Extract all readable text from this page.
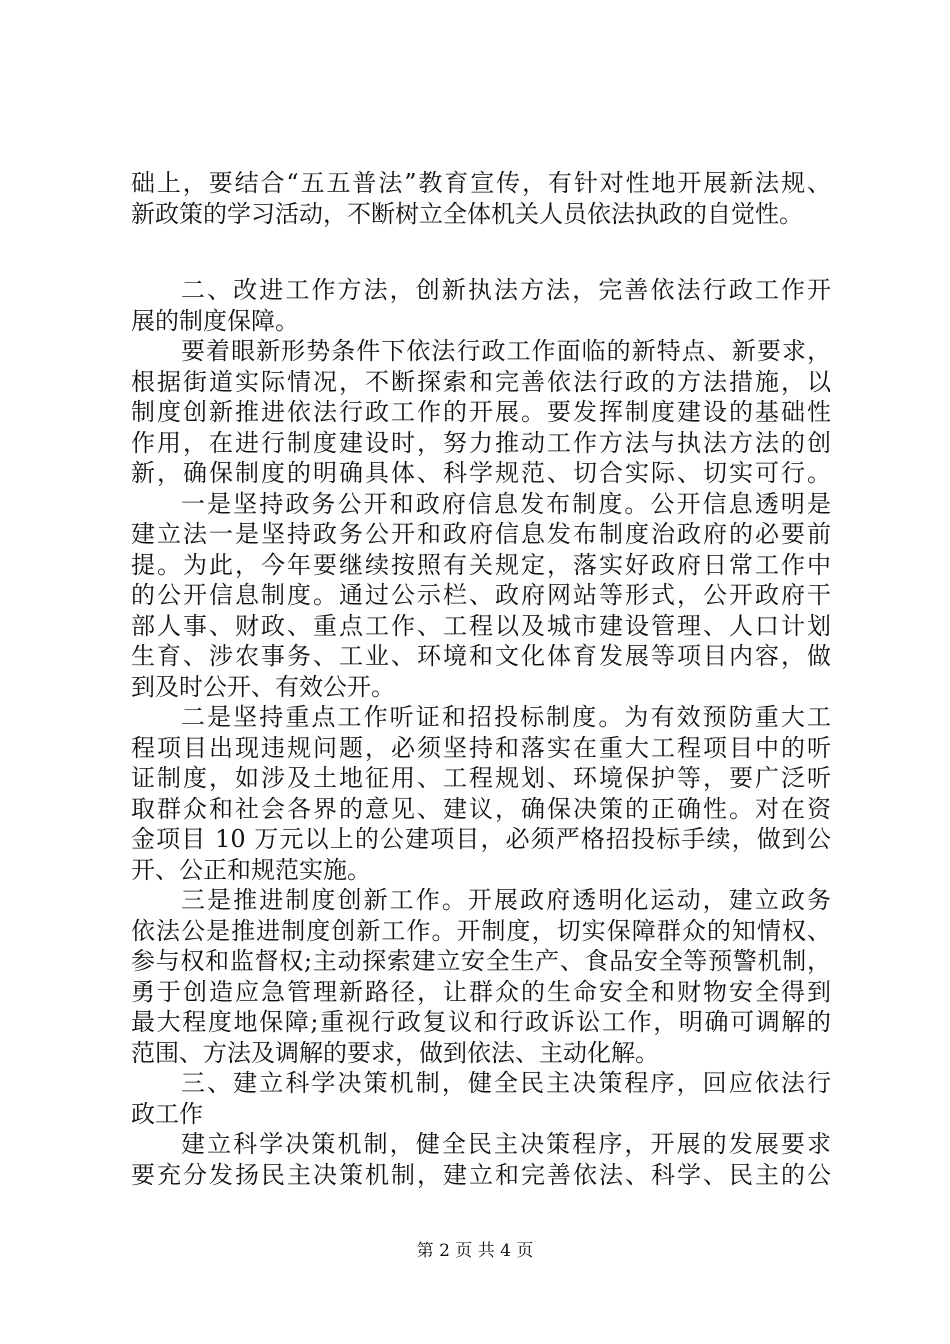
础上，要结合“五五普法”教育宣传，有针对性地开展新法规、
新政策的学习活动，不断树立全体机关人员依法执政的自觉性。
二、改进工作方法，创新执法方法，完善依法行政工作开
展的制度保障。
要着眼新形势条件下依法行政工作面临的新特点、新要求，
根据街道实际情况，不断探索和完善依法行政的方法措施，以
制度创新推进依法行政工作的开展。要发挥制度建设的基础性
作用，在进行制度建设时，努力推动工作方法与执法方法的创
新，确保制度的明确具体、科学规范、切合实际、切实可行。
一是坚持政务公开和政府信息发布制度。公开信息透明是
建立法一是坚持政务公开和政府信息发布制度治政府的必要前
提。为此，今年要继续按照有关规定，落实好政府日常工作中
的公开信息制度。通过公示栏、政府网站等形式，公开政府干
部人事、财政、重点工作、工程以及城市建设管理、人口计划
生育、涉农事务、工业、环境和文化体育发展等项目内容，做
到及时公开、有效公开。
二是坚持重点工作听证和招投标制度。为有效预防重大工
程项目出现违规问题，必须坚持和落实在重大工程项目中的听
证制度，如涉及土地征用、工程规划、环境保护等，要广泛听
取群众和社会各界的意见、建议，确保决策的正确性。对在资
金项目 10 万元以上的公建项目，必须严格招投标手续，做到公
开、公正和规范实施。
三是推进制度创新工作。开展政府透明化运动，建立政务
依法公是推进制度创新工作。开制度，切实保障群众的知情权、
参与权和监督权;主动探索建立安全生产、食品安全等预警机制，
勇于创造应急管理新路径，让群众的生命安全和财物安全得到
最大程度地保障;重视行政复议和行政诉讼工作，明确可调解的
范围、方法及调解的要求，做到依法、主动化解。
三、建立科学决策机制，健全民主决策程序，回应依法行
政工作
建立科学决策机制，健全民主决策程序，开展的发展要求
要充分发扬民主决策机制，建立和完善依法、科学、民主的公
第 2 页 共 4 页
